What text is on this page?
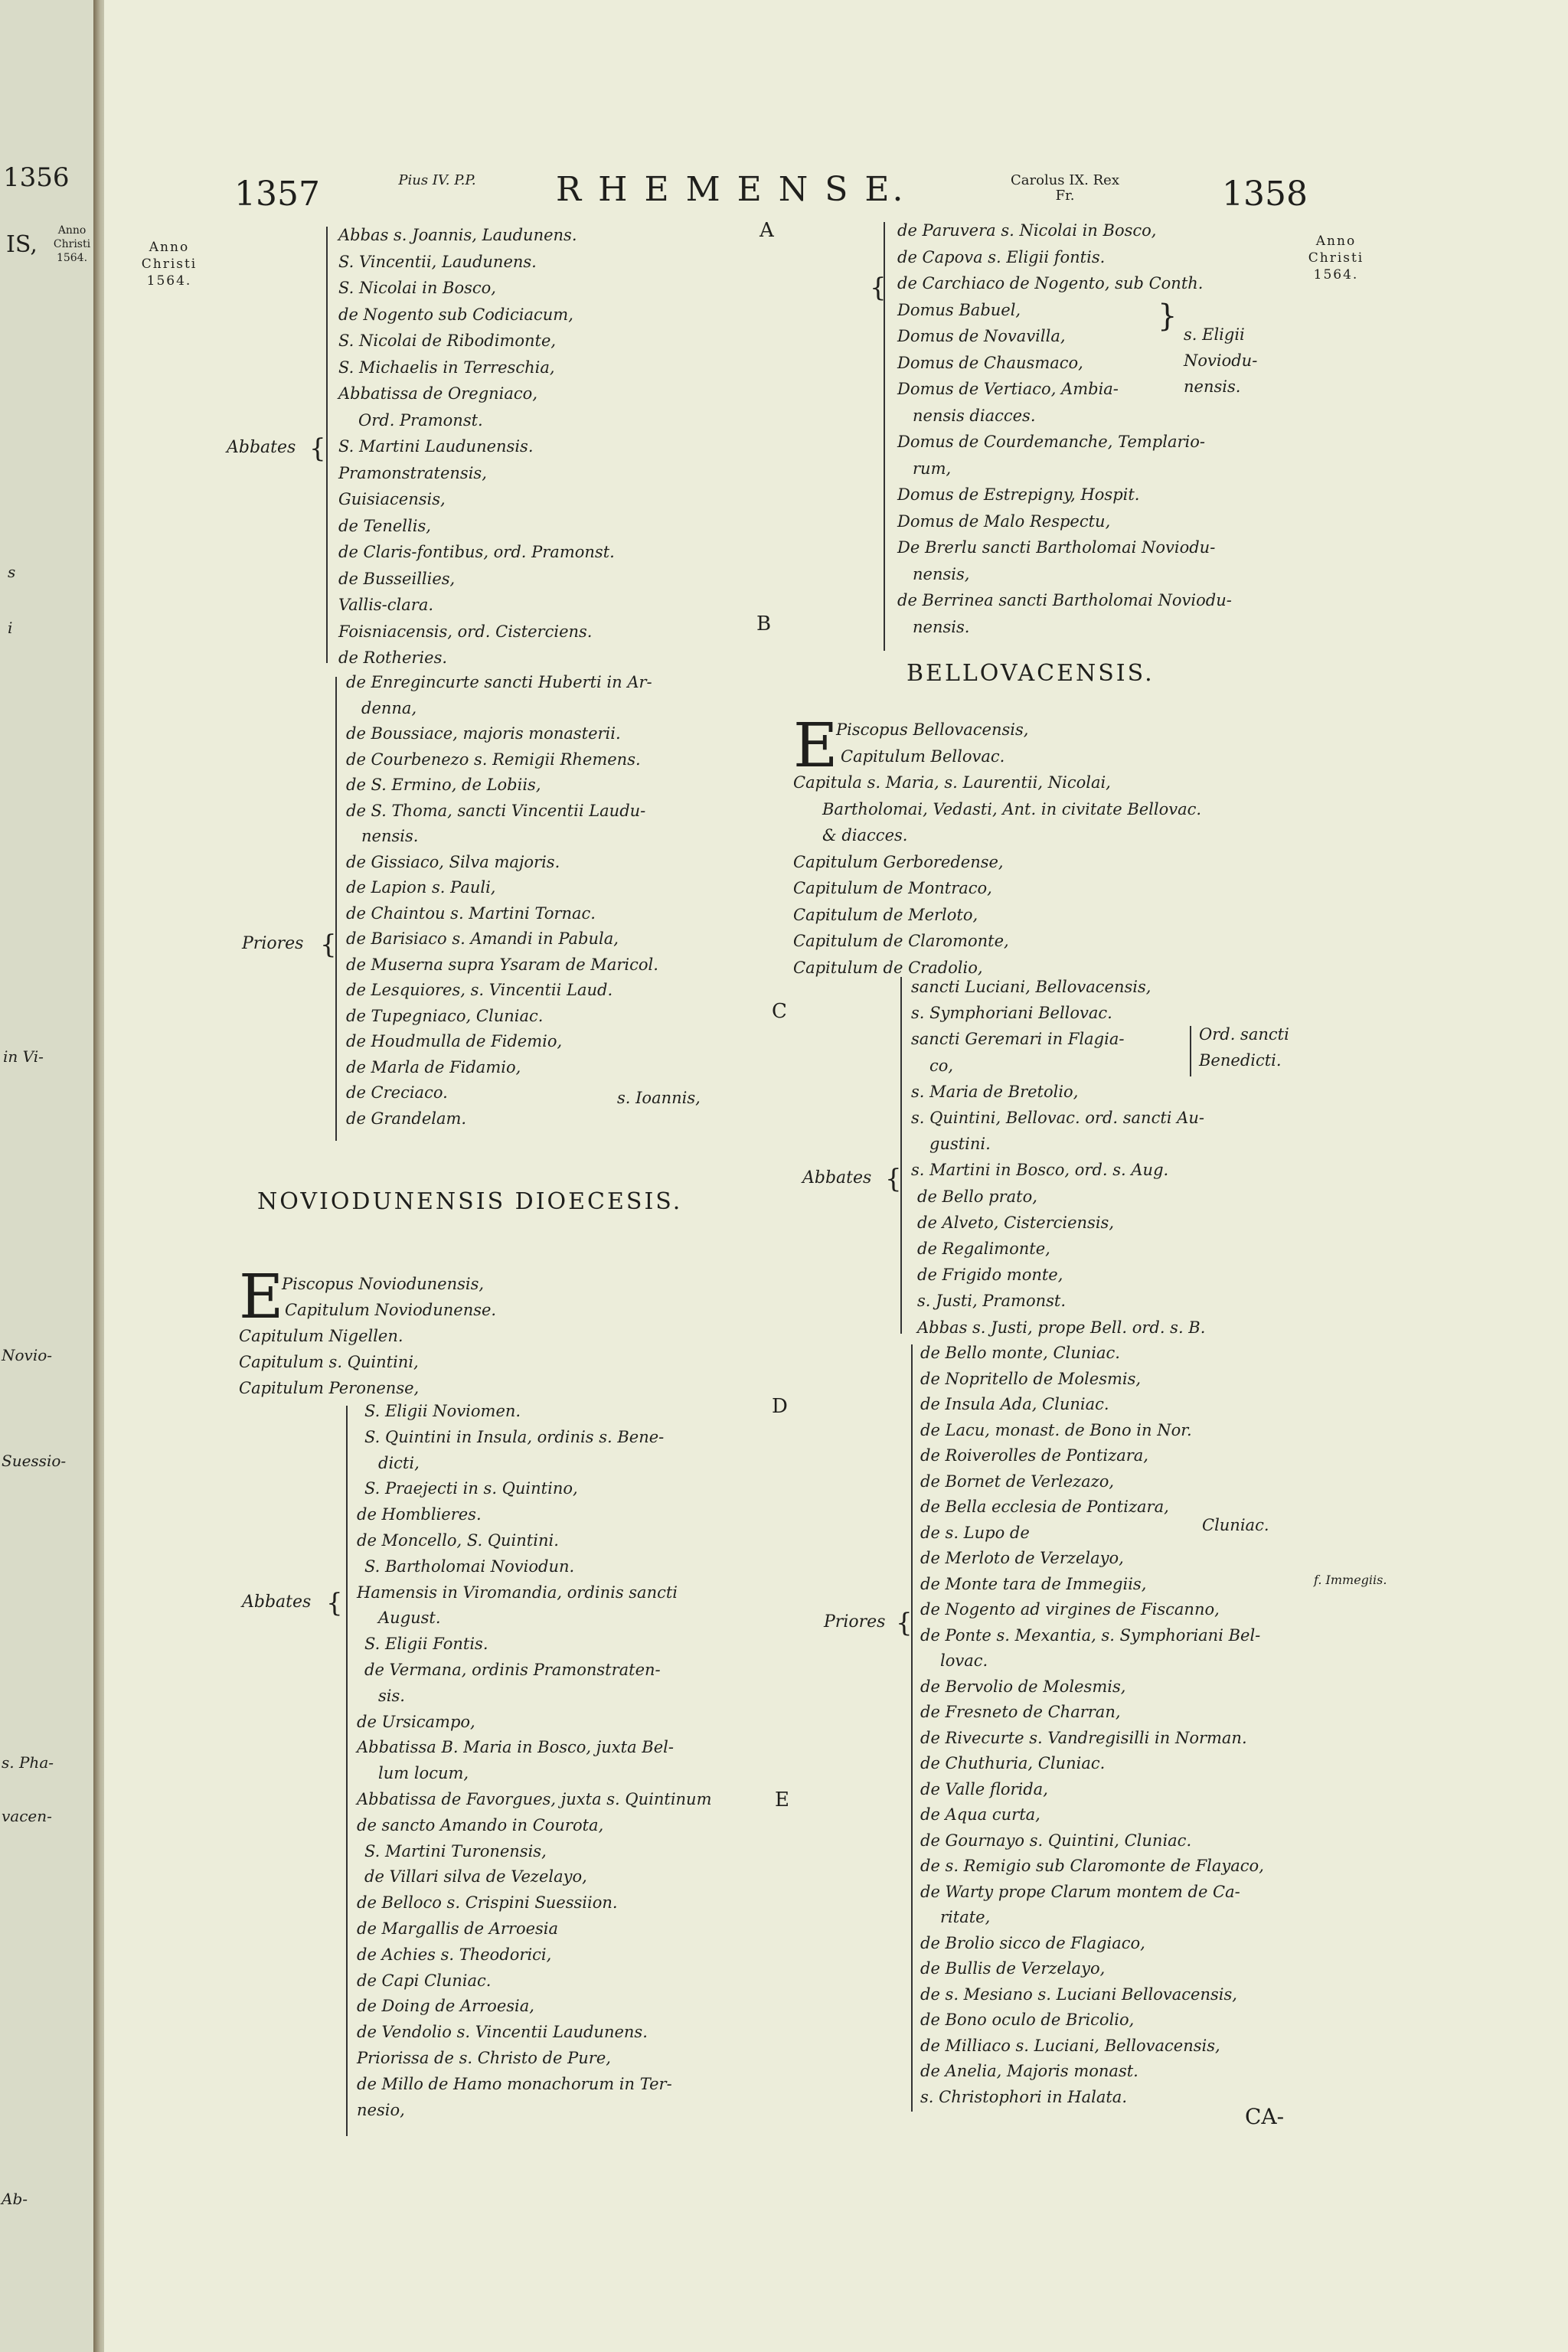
1356
IS,
Anno Christi 1564.
s
i
in Vi-
Novio-
Suessio-
s. Pha-
vacen-
Ab-
1357	Pius IV. P.P. R H E M E N S E.	Carolus IX. Rex Fr.	1358
Anno Christi 1564.
Anno Christi 1564.
A
B
C
D
E
Abbates {
Abbas s. Joannis, Laudunens.
S. Vincentii, Laudunens.
S. Nicolai in Bosco,
de Nogento sub Codiciacum,
S. Nicolai de Ribodimonte,
S. Michaelis in Terreschia,
Abbatissa de Oregniaco,
Ord. Pramonst.
S. Martini Laudunensis.
Pramonstratensis,
Guisiacensis,
de Tenellis,
de Claris-fontibus, ord. Pramonst.
de Busseillies,
Vallis-clara.
Foisniacensis, ord. Cisterciens.
de Rotheries.
Priores {
de Enregincurte sancti Huberti in Ar-
denna,
de Boussiace, majoris monasterii.
de Courbenezo s. Remigii Rhemens.
de S. Ermino, de Lobiis,
de S. Thoma, sancti Vincentii Laudu-
nensis.
de Gissiaco, Silva majoris.
de Lapion s. Pauli,
de Chaintou s. Martini Tornac.
de Barisiaco s. Amandi in Pabula,
de Muserna supra Ysaram de Maricol.
de Lesquiores, s. Vincentii Laud.
de Tupegniaco, Cluniac.
de Houdmulla de Fidemio,
de Marla de Fidamio,
de Creciaco.
de Grandelam.
s. Ioannis,
NOVIODUNENSIS DIOECESIS.
E
Piscopus Noviodunensis,
Capitulum Noviodunense.
Capitulum Nigellen.
Capitulum s. Quintini,
Capitulum Peronense,
Abbates {
S. Eligii Noviomen.
S. Quintini in Insula, ordinis s. Bene-
dicti,
S. Praejecti in s. Quintino,
de Homblieres.
de Moncello, S. Quintini.
S. Bartholomai Noviodun.
Hamensis in Viromandia, ordinis sancti
August.
S. Eligii Fontis.
de Vermana, ordinis Pramonstraten-
sis.
de Ursicampo,
Abbatissa B. Maria in Bosco, juxta Bel-
lum locum,
Abbatissa de Favorgues, juxta s. Quintinum
de sancto Amando in Courota,
S. Martini Turonensis,
de Villari silva de Vezelayo,
de Belloco s. Crispini Suessiion.
de Margallis de Arroesia
de Achies s. Theodorici,
de Capi Cluniac.
de Doing de Arroesia,
de Vendolio s. Vincentii Laudunens.
Priorissa de s. Christo de Pure,
de Millo de Hamo monachorum in Ter-
nesio,
{
de Paruvera s. Nicolai in Bosco,
de Capova s. Eligii fontis.
de Carchiaco de Nogento, sub Conth.
Domus Babuel,
Domus de Novavilla,
Domus de Chausmaco,
Domus de Vertiaco, Ambia-
nensis diacces.
Domus de Courdemanche, Templario-
rum,
Domus de Estrepigny, Hospit.
Domus de Malo Respectu,
De Brerlu sancti Bartholomai Noviodu-
nensis,
de Berrinea sancti Bartholomai Noviodu-
nensis.
}
s. Eligii
Noviodu-
nensis.
BELLOVACENSIS.
E
Piscopus Bellovacensis,
Capitulum Bellovac.
Capitula s. Maria, s. Laurentii, Nicolai,
Bartholomai, Vedasti, Ant. in civitate Bellovac.
& diacces.
Capitulum Gerboredense,
Capitulum de Montraco,
Capitulum de Merloto,
Capitulum de Claromonte,
Capitulum de Cradolio,
Abbates {
sancti Luciani, Bellovacensis,
s. Symphoriani Bellovac.
sancti Geremari in Flagia-
co,
s. Maria de Bretolio,
s. Quintini, Bellovac. ord. sancti Au-
gustini.
s. Martini in Bosco, ord. s. Aug.
de Bello prato,
de Alveto, Cisterciensis,
de Regalimonte,
de Frigido monte,
s. Justi, Pramonst.
Abbas s. Justi, prope Bell. ord. s. B.
Ord. sancti Benedicti.
Priores {
de Bello monte, Cluniac.
de Nopritello de Molesmis,
de Insula Ada, Cluniac.
de Lacu, monast. de Bono in Nor.
de Roiverolles de Pontizara,
de Bornet de Verlezazo,
de Bella ecclesia de Pontizara,
de s. Lupo de
de Merloto de Verzelayo,
de Monte tara de Immegiis,
de Nogento ad virgines de Fiscanno,
de Ponte s. Mexantia, s. Symphoriani Bel-
lovac.
de Bervolio de Molesmis,
de Fresneto de Charran,
de Rivecurte s. Vandregisilli in Norman.
de Chuthuria, Cluniac.
de Valle florida,
de Aqua curta,
de Gournayo s. Quintini, Cluniac.
de s. Remigio sub Claromonte de Flayaco,
de Warty prope Clarum montem de Ca-
ritate,
de Brolio sicco de Flagiaco,
de Bullis de Verzelayo,
de s. Mesiano s. Luciani Bellovacensis,
de Bono oculo de Bricolio,
de Milliaco s. Luciani, Bellovacensis,
de Anelia, Majoris monast.
s. Christophori in Halata.
Cluniac.
f. Immegiis.
CA-
